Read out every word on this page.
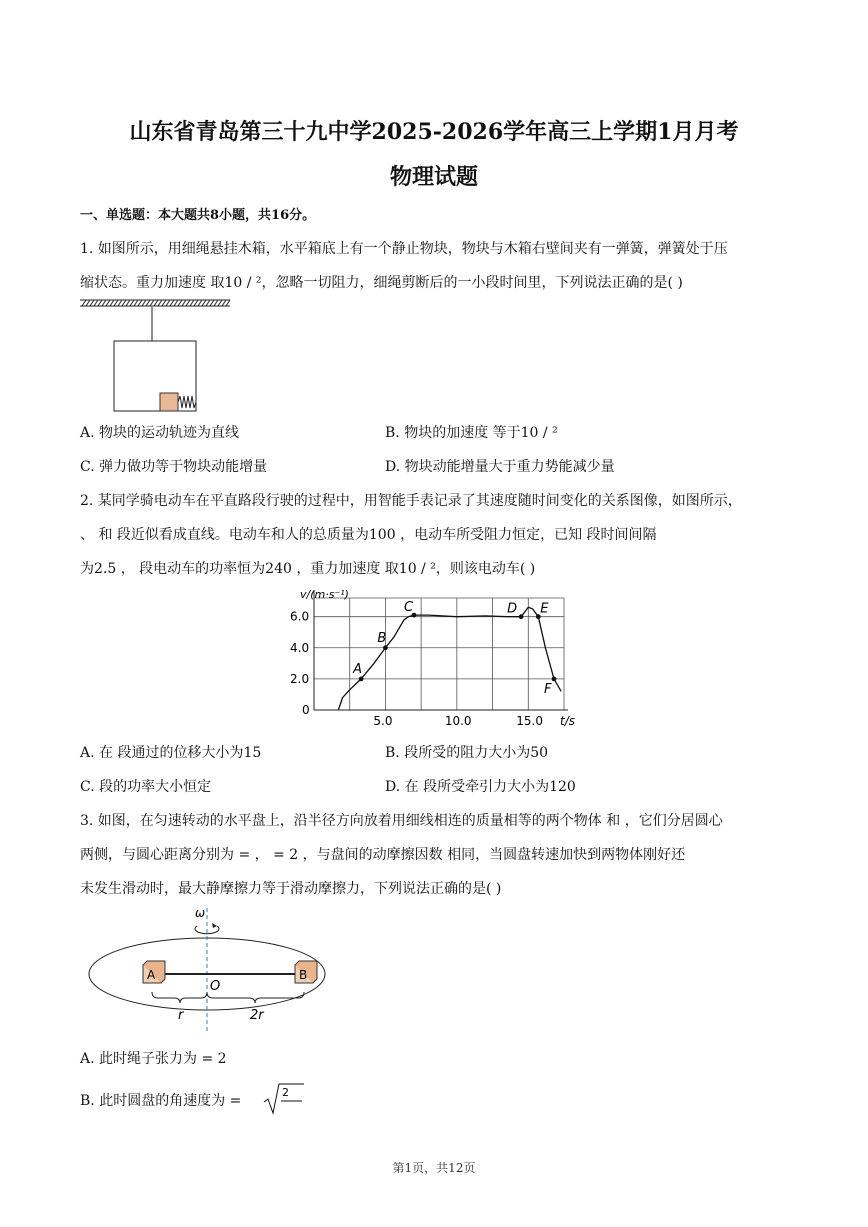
山东省青岛第三十九中学2025-2026学年高三上学期1月月考
物理试题
一、单选题：本大题共8小题，共16分。
1. 如图所示，用细绳悬挂木箱，水平箱底上有一个静止物块，物块与木箱右壁间夹有一弹簧，弹簧处于压
缩状态。重力加速度 取10 / ²，忽略一切阻力，细绳剪断后的一小段时间里，下列说法正确的是( )
A. 物块的运动轨迹为直线	B. 物块的加速度 等于10 / ²
C. 弹力做功等于物块动能增量	D. 物块动能增量大于重力势能减少量
2. 某同学骑电动车在平直路段行驶的过程中，用智能手表记录了其速度随时间变化的关系图像，如图所示，
、 和 段近似看成直线。电动车和人的总质量为100 ，电动车所受阻力恒定，已知 段时间间隔
为2.5 ， 段电动车的功率恒为240 ，重力加速度 取10 / ²，则该电动车( )
5.0	10.0	15.0
0
2.0
4.0
6.0
v/(m·s⁻¹)
t/s
A
B
C	D E
F
A. 在 段通过的位移大小为15	B. 段所受的阻力大小为50
C. 段的功率大小恒定	D. 在 段所受牵引力大小为120
3. 如图，在匀速转动的水平盘上，沿半径方向放着用细线相连的质量相等的两个物体 和 ，它们分居圆心
两侧，与圆心距离分别为 = ， = 2 ，与盘间的动摩擦因数 相同，当圆盘转速加快到两物体刚好还
未发生滑动时，最大静摩擦力等于滑动摩擦力，下列说法正确的是( )
ω
A	B
O
r	2r
A. 此时绳子张力为 = 2
B. 此时圆盘的角速度为 =
2
第1页，共12页
